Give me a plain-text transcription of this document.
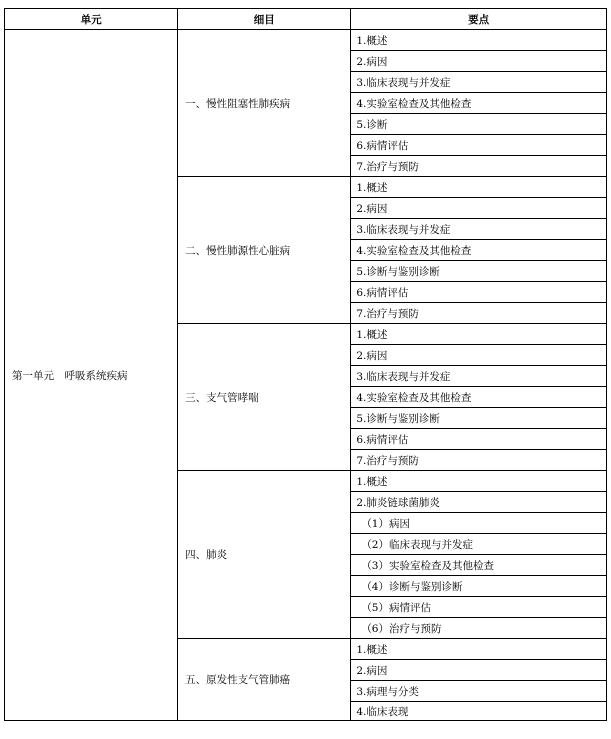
单元	细目	要点
第一单元　呼吸系统疾病	一、慢性阻塞性肺疾病	1.概述
		2.病因
		3.临床表现与并发症
		4.实验室检查及其他检查
		5.诊断
		6.病情评估
		7.治疗与预防
	二、慢性肺源性心脏病	1.概述
		2.病因
		3.临床表现与并发症
		4.实验室检查及其他检查
		5.诊断与鉴别诊断
		6.病情评估
		7.治疗与预防
	三、支气管哮喘	1.概述
		2.病因
		3.临床表现与并发症
		4.实验室检查及其他检查
		5.诊断与鉴别诊断
		6.病情评估
		7.治疗与预防
	四、肺炎	1.概述
		2.肺炎链球菌肺炎
		（1）病因
		（2）临床表现与并发症
		（3）实验室检查及其他检查
		（4）诊断与鉴别诊断
		（5）病情评估
		（6）治疗与预防
	五、原发性支气管肺癌	1.概述
		2.病因
		3.病理与分类
		4.临床表现
